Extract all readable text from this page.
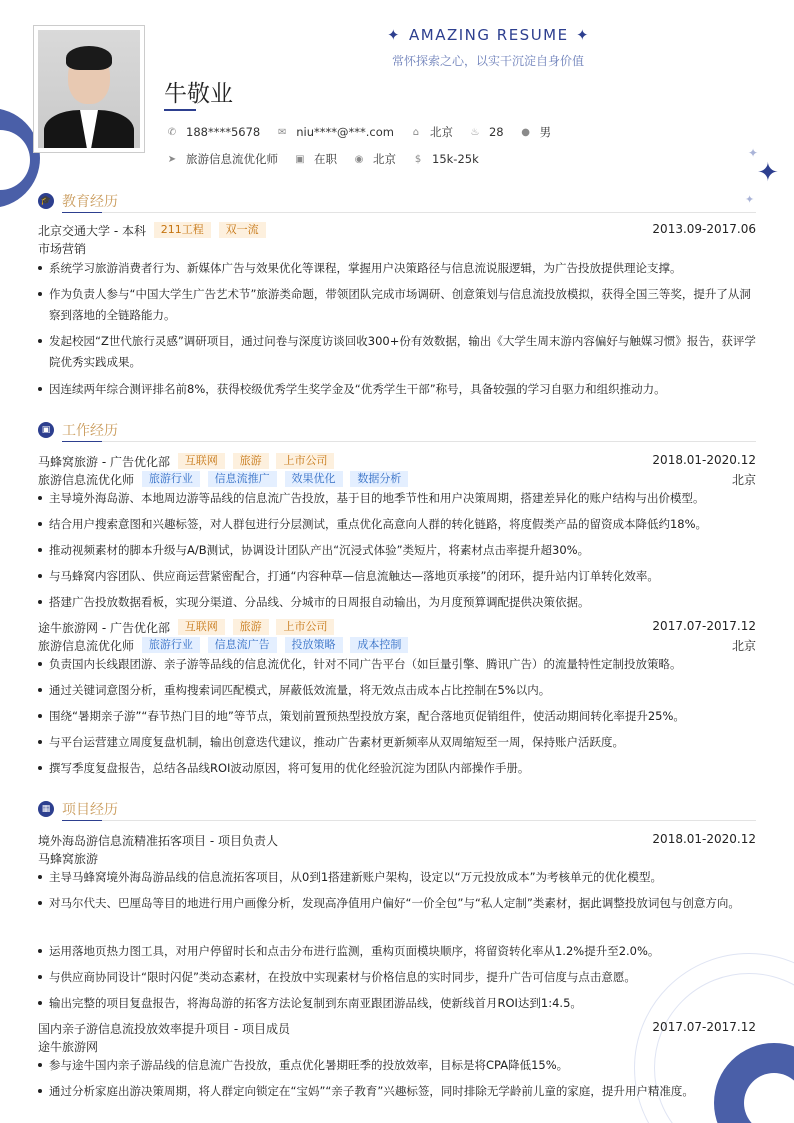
✦	✦
✦
✦
✦
AMAZING RESUME
常怀探索之心，以实干沉淀自身价值
牛敬业
✆ 188****5678 ✉ niu****@***.com ⌂ 北京 ♨ 28 ● 男
➤ 旅游信息流优化师 ▣ 在职 ◉ 北京 $ 15k-25k
🎓 教育经历
北京交通大学 - 本科 211工程 双一流	2013.09-2017.06
市场营销
系统学习旅游消费者行为、新媒体广告与效果优化等课程，掌握用户决策路径与信息流说服逻辑，为广告投放提供理论支撑。
作为负责人参与“中国大学生广告艺术节”旅游类命题，带领团队完成市场调研、创意策划与信息流投放模拟，获得全国三等奖，提升了从洞察到落地的全链路能力。
发起校园“Z世代旅行灵感”调研项目，通过问卷与深度访谈回收300+份有效数据，输出《大学生周末游内容偏好与触媒习惯》报告，获评学院优秀实践成果。
因连续两年综合测评排名前8%，获得校级优秀学生奖学金及“优秀学生干部”称号，具备较强的学习自驱力和组织推动力。
▣ 工作经历
马蜂窝旅游 - 广告优化部 互联网 旅游 上市公司	2018.01-2020.12
旅游信息流优化师 旅游行业 信息流推广 效果优化 数据分析	北京
主导境外海岛游、本地周边游等品线的信息流广告投放，基于目的地季节性和用户决策周期，搭建差异化的账户结构与出价模型。
结合用户搜索意图和兴趣标签，对人群包进行分层测试，重点优化高意向人群的转化链路，将度假类产品的留资成本降低约18%。
推动视频素材的脚本升级与A/B测试，协调设计团队产出“沉浸式体验”类短片，将素材点击率提升超30%。
与马蜂窝内容团队、供应商运营紧密配合，打通“内容种草—信息流触达—落地页承接”的闭环，提升站内订单转化效率。
搭建广告投放数据看板，实现分渠道、分品线、分城市的日周报自动输出，为月度预算调配提供决策依据。
途牛旅游网 - 广告优化部 互联网 旅游 上市公司	2017.07-2017.12
旅游信息流优化师 旅游行业 信息流广告 投放策略 成本控制	北京
负责国内长线跟团游、亲子游等品线的信息流优化，针对不同广告平台（如巨量引擎、腾讯广告）的流量特性定制投放策略。
通过关键词意图分析，重构搜索词匹配模式，屏蔽低效流量，将无效点击成本占比控制在5%以内。
围绕“暑期亲子游”“春节热门目的地”等节点，策划前置预热型投放方案，配合落地页促销组件，使活动期间转化率提升25%。
与平台运营建立周度复盘机制，输出创意迭代建议，推动广告素材更新频率从双周缩短至一周，保持账户活跃度。
撰写季度复盘报告，总结各品线ROI波动原因，将可复用的优化经验沉淀为团队内部操作手册。
▦ 项目经历
境外海岛游信息流精准拓客项目 - 项目负责人	2018.01-2020.12
马蜂窝旅游
主导马蜂窝境外海岛游品线的信息流拓客项目，从0到1搭建新账户架构，设定以“万元投放成本”为考核单元的优化模型。
对马尔代夫、巴厘岛等目的地进行用户画像分析，发现高净值用户偏好“一价全包”与“私人定制”类素材，据此调整投放词包与创意方向。
运用落地页热力图工具，对用户停留时长和点击分布进行监测，重构页面模块顺序，将留资转化率从1.2%提升至2.0%。
与供应商协同设计“限时闪促”类动态素材，在投放中实现素材与价格信息的实时同步，提升广告可信度与点击意愿。
输出完整的项目复盘报告，将海岛游的拓客方法论复制到东南亚跟团游品线，使新线首月ROI达到1:4.5。
国内亲子游信息流投放效率提升项目 - 项目成员	2017.07-2017.12
途牛旅游网
参与途牛国内亲子游品线的信息流广告投放，重点优化暑期旺季的投放效率，目标是将CPA降低15%。
通过分析家庭出游决策周期，将人群定向锁定在“宝妈”“亲子教育”兴趣标签，同时排除无学龄前儿童的家庭，提升用户精准度。
